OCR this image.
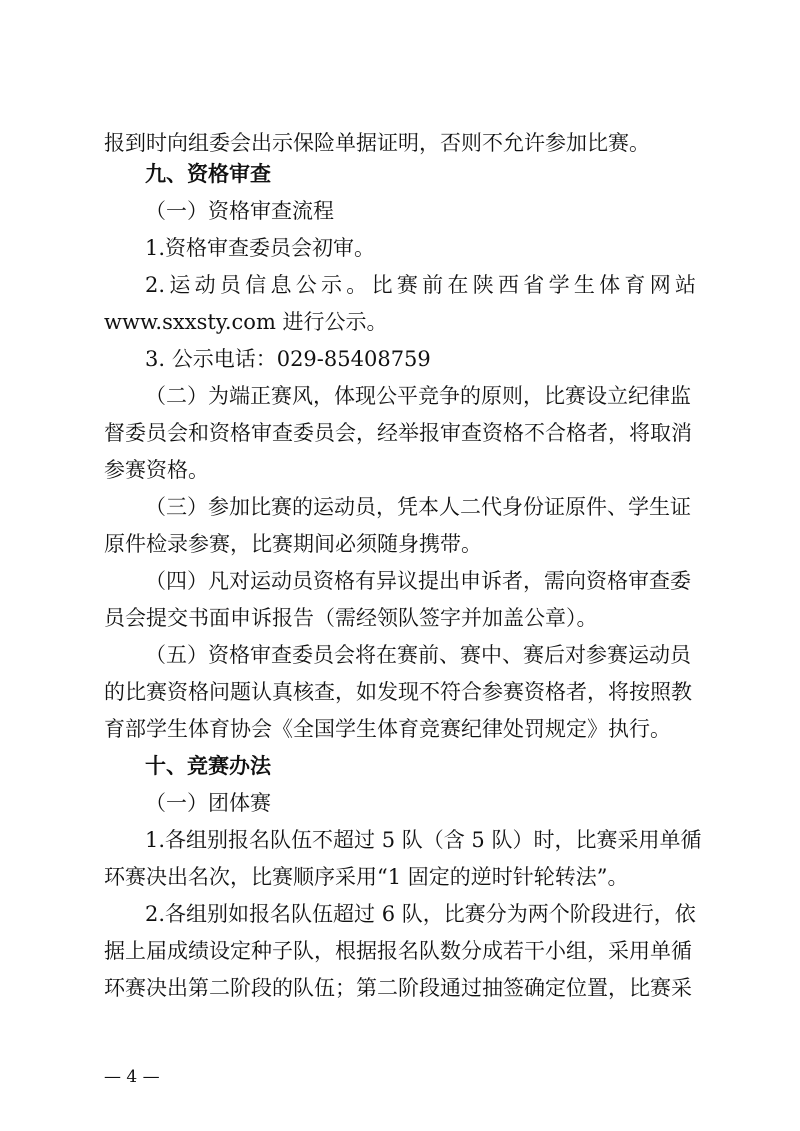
报到时向组委会出示保险单据证明，否则不允许参加比赛。
九、资格审查
（一）资格审查流程
1.资格审查委员会初审。
2.运动员信息公示。比赛前在陕西省学生体育网站
www.sxxsty.com 进行公示。
3. 公示电话：029-85408759
（二）为端正赛风，体现公平竞争的原则，比赛设立纪律监
督委员会和资格审查委员会，经举报审查资格不合格者，将取消
参赛资格。
（三）参加比赛的运动员，凭本人二代身份证原件、学生证
原件检录参赛，比赛期间必须随身携带。
（四）凡对运动员资格有异议提出申诉者，需向资格审查委
员会提交书面申诉报告（需经领队签字并加盖公章）。
（五）资格审查委员会将在赛前、赛中、赛后对参赛运动员
的比赛资格问题认真核查，如发现不符合参赛资格者，将按照教
育部学生体育协会《全国学生体育竞赛纪律处罚规定》执行。
十、竞赛办法
（一）团体赛
1.各组别报名队伍不超过 5 队（含 5 队）时，比赛采用单循
环赛决出名次，比赛顺序采用“1 固定的逆时针轮转法”。
2.各组别如报名队伍超过 6 队，比赛分为两个阶段进行，依
据上届成绩设定种子队，根据报名队数分成若干小组，采用单循
环赛决出第二阶段的队伍；第二阶段通过抽签确定位置，比赛采
— 4 —
